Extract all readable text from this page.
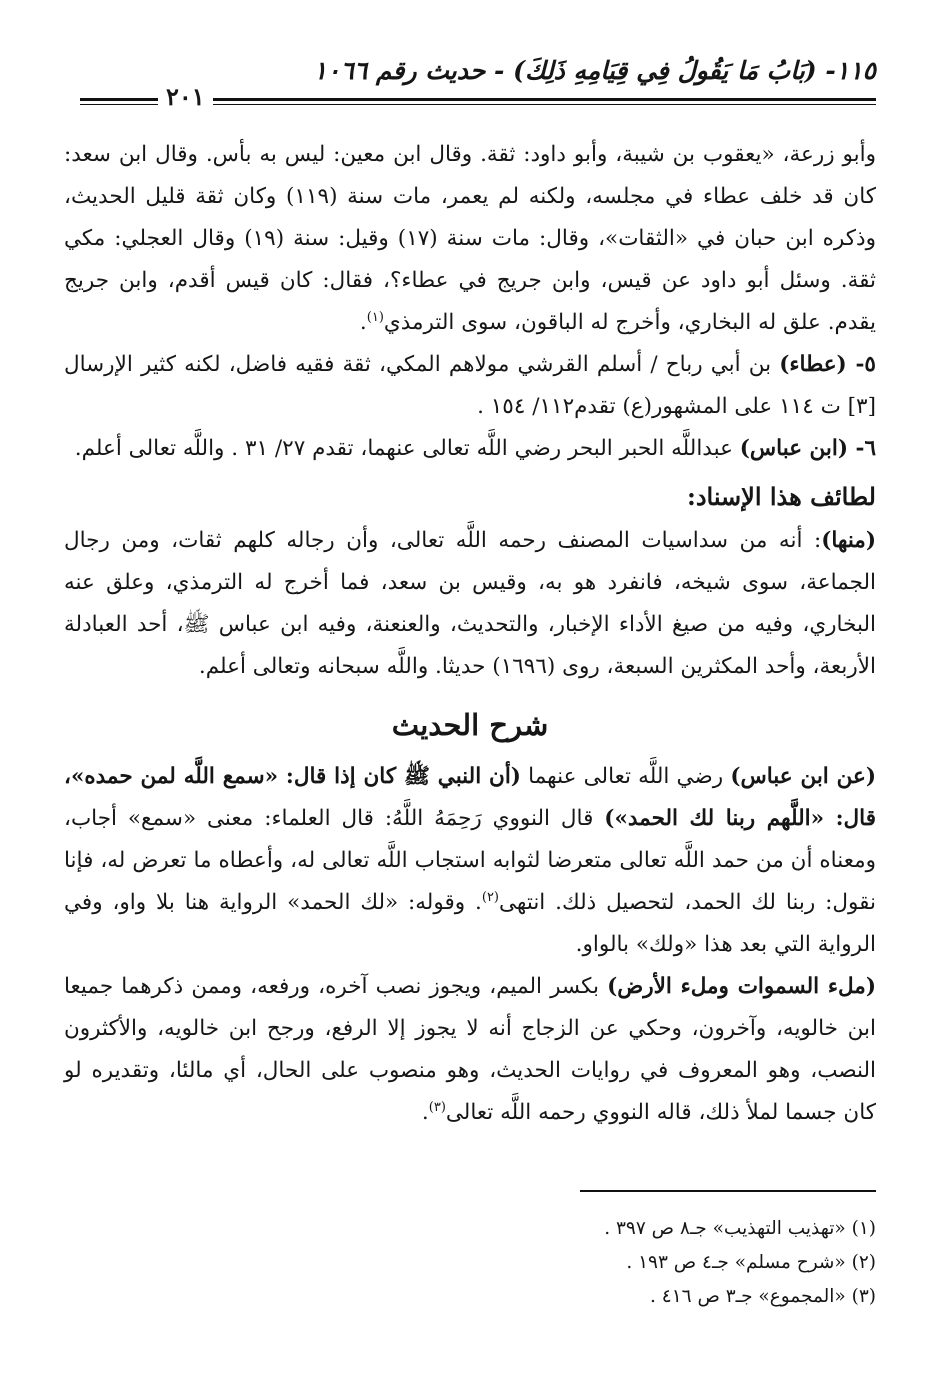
١١٥- (بَابُ مَا يَقُولُ فِي قِيَامِهِ ذَلِكَ) - حديث رقم ١٠٦٦
٢٠١

وأبو زرعة، «يعقوب بن شيبة، وأبو داود: ثقة. وقال ابن معين: ليس به بأس. وقال ابن سعد: كان قد خلف عطاء في مجلسه، ولكنه لم يعمر، مات سنة (١١٩) وكان ثقة قليل الحديث، وذكره ابن حبان في «الثقات»، وقال: مات سنة (١٧) وقيل: سنة (١٩) وقال العجلي: مكي ثقة. وسئل أبو داود عن قيس، وابن جريج في عطاء؟، فقال: كان قيس أقدم، وابن جريج يقدم. علق له البخاري، وأخرج له الباقون، سوى الترمذي$^{(١)}$.

٥- (عطاء) بن أبي رباح / أسلم القرشي مولاهم المكي، ثقة فقيه فاضل، لكنه كثير الإرسال [٣] ت ١١٤ على المشهور(ع) تقدم١١٢/ ١٥٤ .

٦- (ابن عباس) عبداللَّه الحبر البحر رضي اللَّه تعالى عنهما، تقدم ٢٧/ ٣١ . واللَّه تعالى أعلم.

لطائف هذا الإسناد:

(منها): أنه من سداسيات المصنف رحمه اللَّه تعالى، وأن رجاله كلهم ثقات، ومن رجال الجماعة، سوى شيخه، فانفرد هو به، وقيس بن سعد، فما أخرج له الترمذي، وعلق عنه البخاري، وفيه من صيغ الأداء الإخبار، والتحديث، والعنعنة، وفيه ابن عباس ﷺ، أحد العبادلة الأربعة، وأحد المكثرين السبعة، روى (١٦٩٦) حديثا. واللَّه سبحانه وتعالى أعلم.

شرح الحديث

(عن ابن عباس) رضي اللَّه تعالى عنهما (أن النبي ﷺ كان إذا قال: «سمع اللَّه لمن حمده»، قال: «اللَّهم ربنا لك الحمد») قال النووي رَحِمَهُ اللَّهُ: قال العلماء: معنى «سمع» أجاب، ومعناه أن من حمد اللَّه تعالى متعرضا لثوابه استجاب اللَّه تعالى له، وأعطاه ما تعرض له، فإنا نقول: ربنا لك الحمد، لتحصيل ذلك. انتهى$^{(٢)}$. وقوله: «لك الحمد» الرواية هنا بلا واو، وفي الرواية التي بعد هذا «ولك» بالواو.

(ملء السموات وملء الأرض) بكسر الميم، ويجوز نصب آخره، ورفعه، وممن ذكرهما جميعا ابن خالويه، وآخرون، وحكي عن الزجاج أنه لا يجوز إلا الرفع، ورجح ابن خالويه، والأكثرون النصب، وهو المعروف في روايات الحديث، وهو منصوب على الحال، أي مالئا، وتقديره لو كان جسما لملأ ذلك، قاله النووي رحمه اللَّه تعالى$^{(٣)}$.

(١) «تهذيب التهذيب» جـ٨ ص ٣٩٧ .
(٢) «شرح مسلم» جـ٤ ص ١٩٣ .
(٣) «المجموع» جـ٣ ص ٤١٦ .
